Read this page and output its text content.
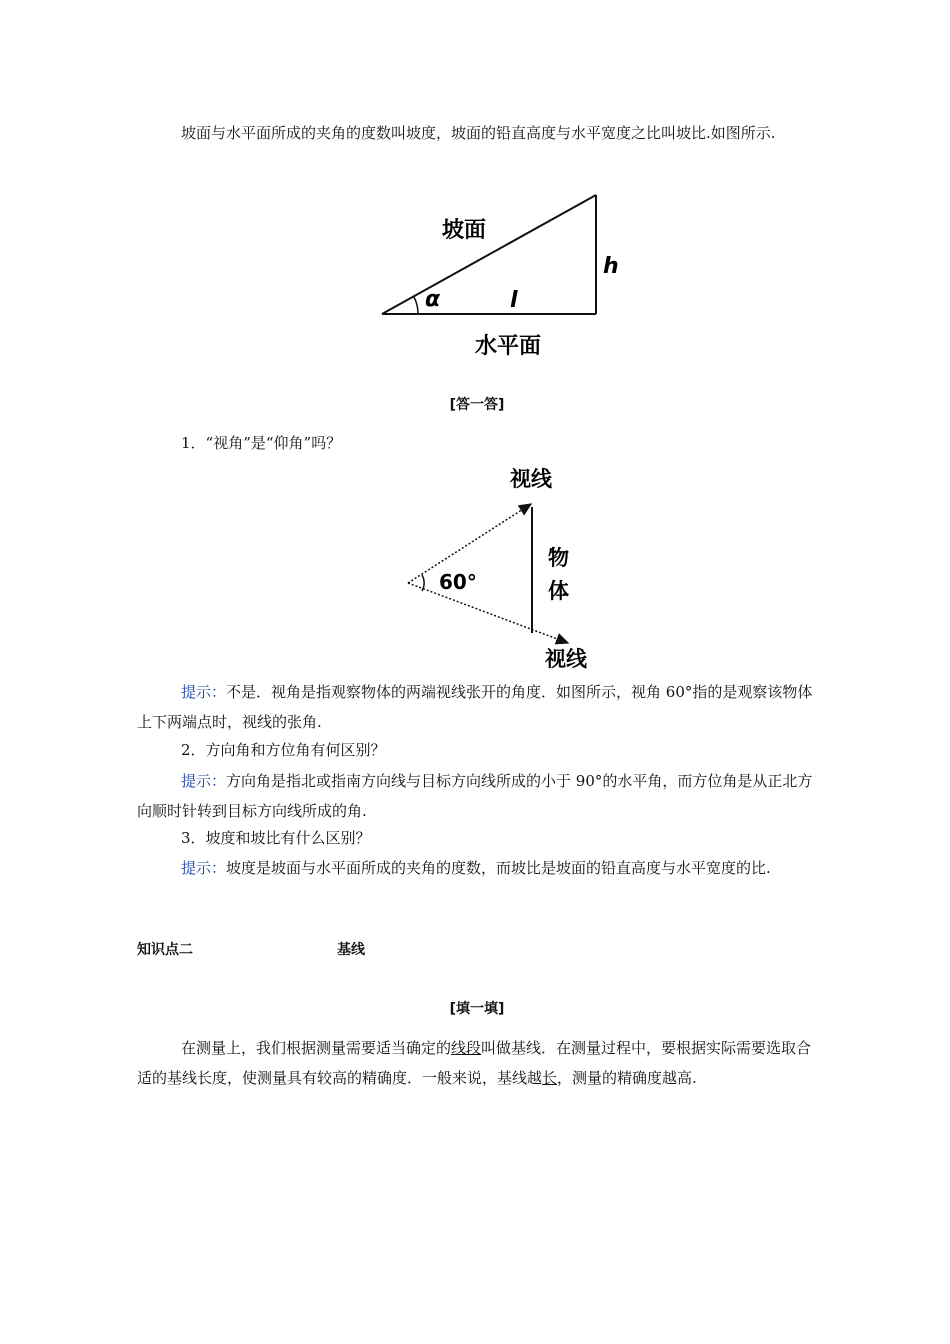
坡面与水平面所成的夹角的度数叫坡度，坡面的铅直高度与水平宽度之比叫坡比.如图所示.

坡面
h
α	l
水平面

[答一答]

1．“视角”是“仰角”吗？

视线
视线
物
体
60°

提示：不是．视角是指观察物体的两端视线张开的角度．如图所示，视角 60°指的是观察该物体上下两端点时，视线的张角.

2．方向角和方位角有何区别？

提示：方向角是指北或指南方向线与目标方向线所成的小于 90°的水平角，而方位角是从正北方向顺时针转到目标方向线所成的角.

3．坡度和坡比有什么区别？

提示：坡度是坡面与水平面所成的夹角的度数，而坡比是坡面的铅直高度与水平宽度的比.

知识点二	基线

[填一填]

在测量上，我们根据测量需要适当确定的线段叫做基线．在测量过程中，要根据实际需要选取合适的基线长度，使测量具有较高的精确度．一般来说，基线越长，测量的精确度越高.
